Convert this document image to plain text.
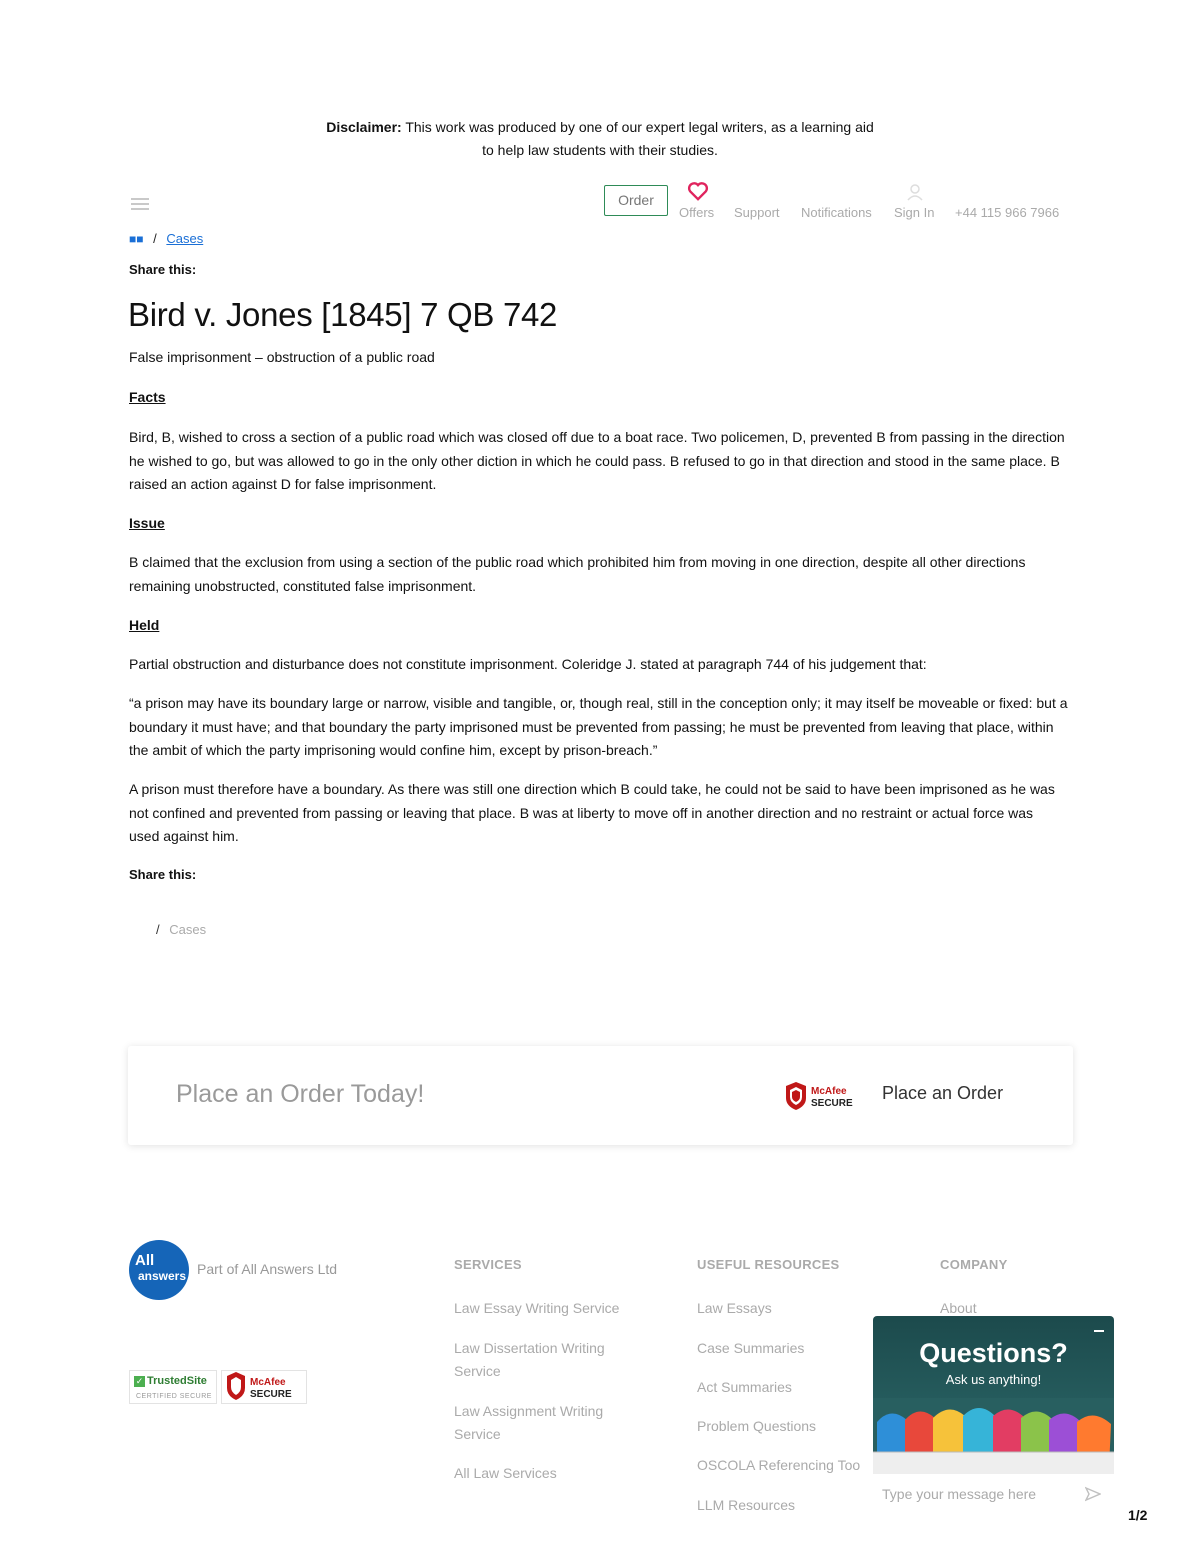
Disclaimer: This work was produced by one of our expert legal writers, as a learning aid
to help law students with their studies.
Order
Offers Support Notifications Sign In +44 115 966 7966
■■ / Cases
Share this:
Bird v. Jones [1845] 7 QB 742
False imprisonment – obstruction of a public road
Facts

Bird, B, wished to cross a section of a public road which was closed off due to a boat race. Two policemen, D, prevented B from passing in the direction he wished to go, but was allowed to go in the only other diction in which he could pass. B refused to go in that direction and stood in the same place. B raised an action against D for false imprisonment.

Issue

B claimed that the exclusion from using a section of the public road which prohibited him from moving in one direction, despite all other directions remaining unobstructed, constituted false imprisonment.

Held

Partial obstruction and disturbance does not constitute imprisonment. Coleridge J. stated at paragraph 744 of his judgement that:

“a prison may have its boundary large or narrow, visible and tangible, or, though real, still in the conception only; it may itself be moveable or fixed: but a boundary it must have; and that boundary the party imprisoned must be prevented from passing; he must be prevented from leaving that place, within the ambit of which the party imprisoning would confine him, except by prison-breach.”

A prison must therefore have a boundary. As there was still one direction which B could take, he could not be said to have been imprisoned as he was not confined and prevented from passing or leaving that place. B was at liberty to move off in another direction and no restraint or actual force was used against him.

Share this:
/ Cases
Place an Order Today!	McAfee
SECURE
Place an Order
All
answers Part of All Answers Ltd	SERVICES
Law Essay Writing Service
Law Dissertation Writing
Service
Law Assignment Writing
Service
All Law Services
USEFUL RESOURCES
Law Essays
Case Summaries
Act Summaries
Problem Questions
OSCOLA Referencing Too
LLM Resources
COMPANY
About
✓ TrustedSite
CERTIFIED SECURE
McAfee
SECURE
Questions?
Ask us anything!
Type your message here
1/2
